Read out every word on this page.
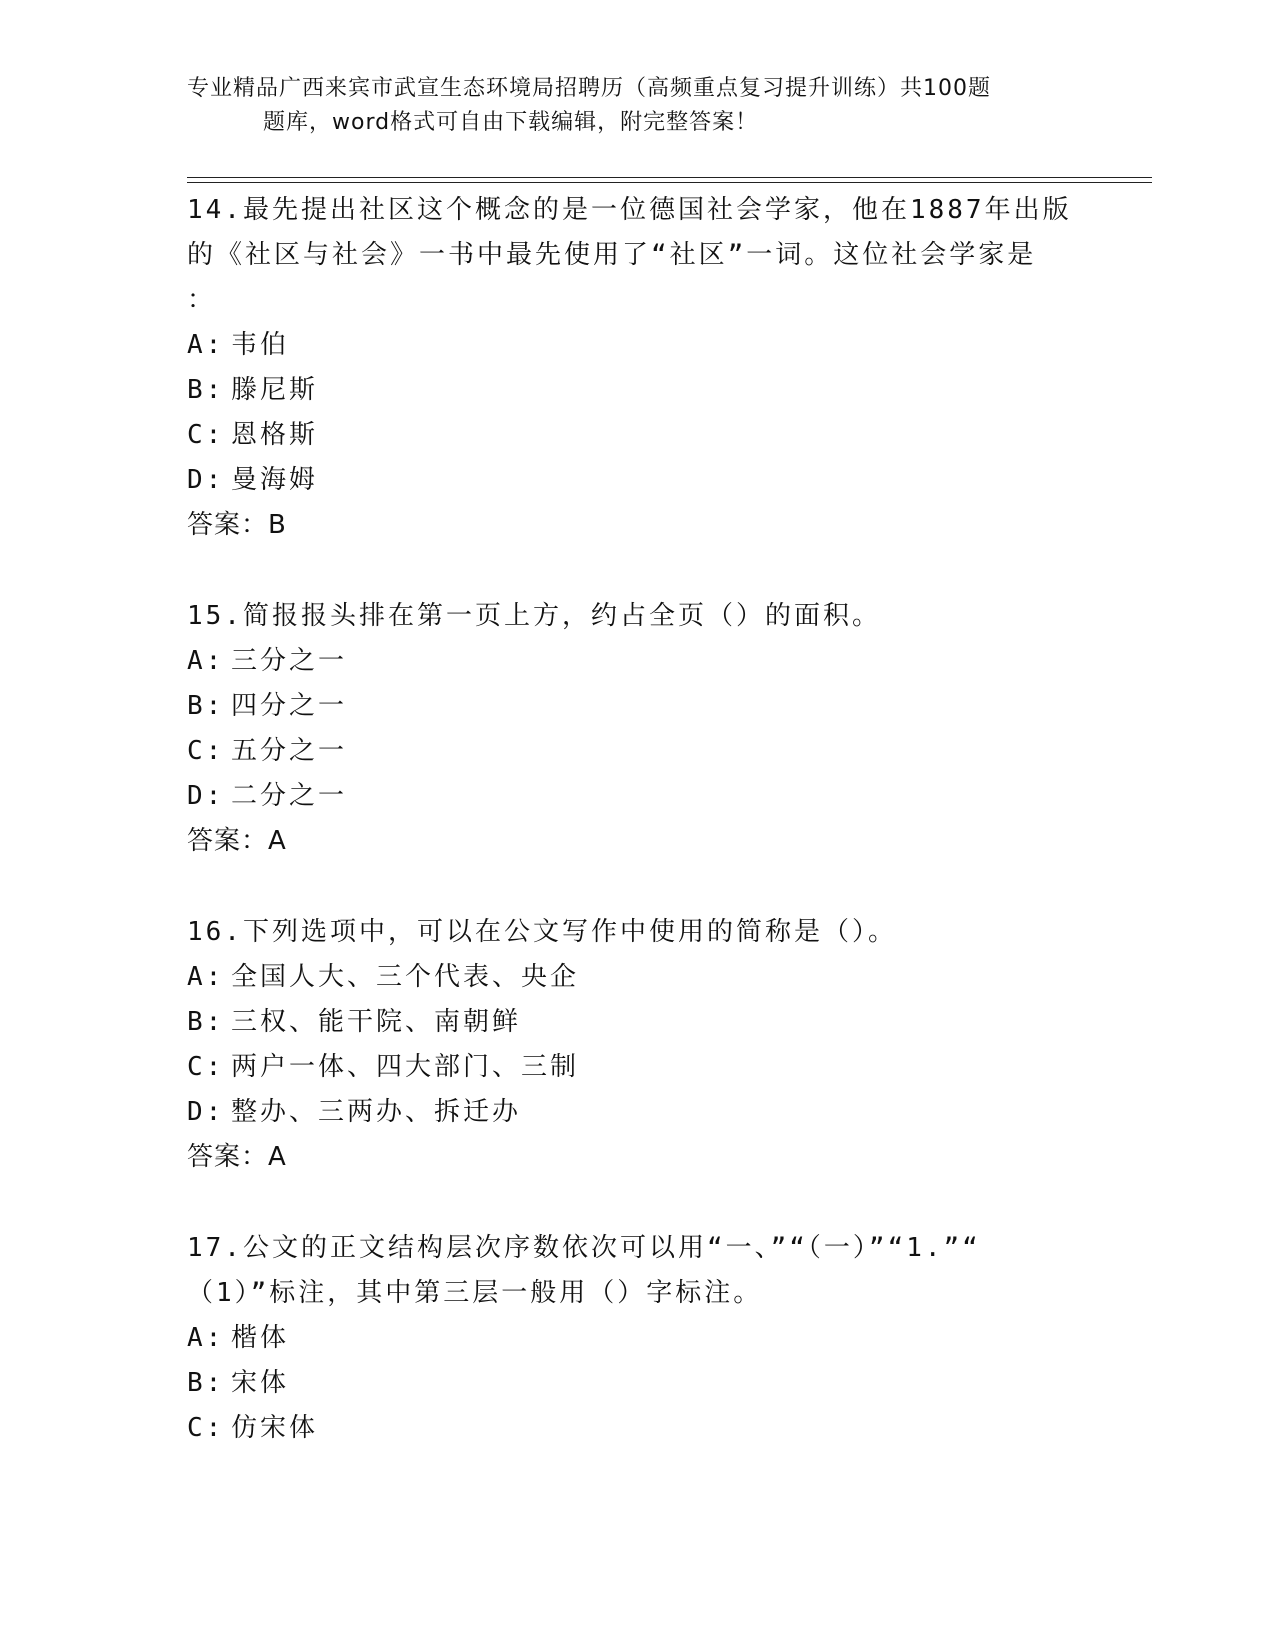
专业精品广西来宾市武宣生态环境局招聘历（高频重点复习提升训练）共100题
题库，word格式可自由下载编辑，附完整答案！
14.最先提出社区这个概念的是一位德国社会学家，他在1887年出版
的《社区与社会》一书中最先使用了“社区”一词。这位社会学家是
：
A: 韦伯
B: 滕尼斯
C: 恩格斯
D: 曼海姆
答案：B
15.简报报头排在第一页上方，约占全页（）的面积。
A: 三分之一
B: 四分之一
C: 五分之一
D: 二分之一
答案：A
16.下列选项中，可以在公文写作中使用的简称是（）。
A: 全国人大、三个代表、央企
B: 三权、能干院、南朝鲜
C: 两户一体、四大部门、三制
D: 整办、三两办、拆迁办
答案：A
17.公文的正文结构层次序数依次可以用“一、”“（一）”“1.”“
（1）”标注，其中第三层一般用（）字标注。
A: 楷体
B: 宋体
C: 仿宋体
